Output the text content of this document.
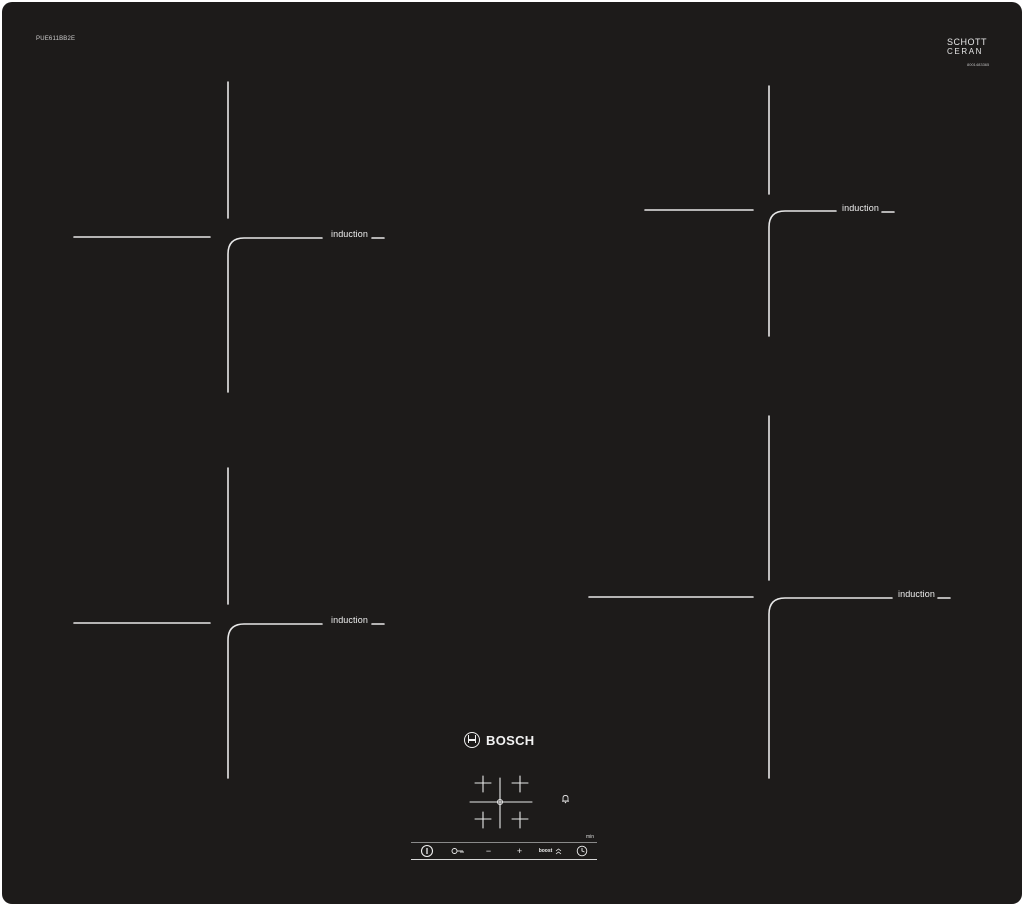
PUE611BB2E	SCHOTT
CERAN
8001483365
induction
induction
induction
induction
BOSCH
min
−	+	boost
